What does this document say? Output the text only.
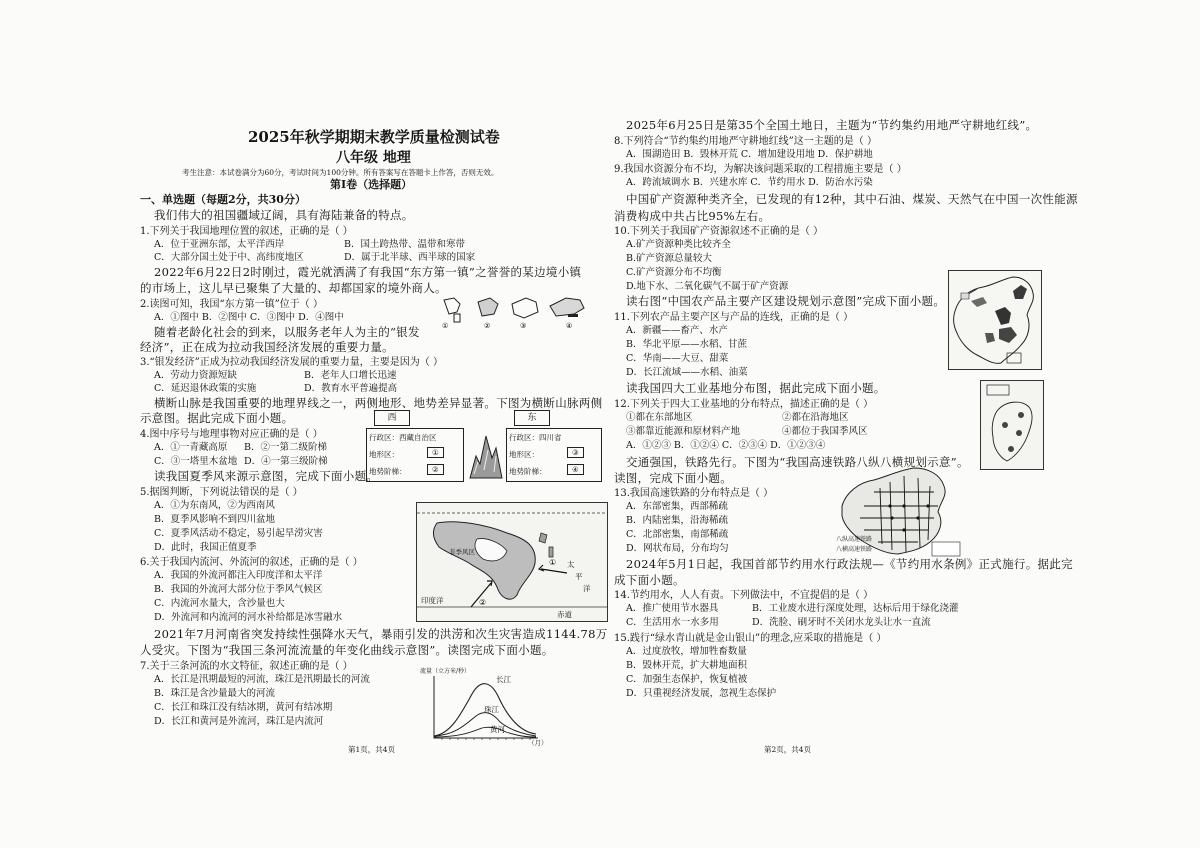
2025年秋学期期末教学质量检测试卷
八年级 地理
考生注意：本试卷满分为60分，考试时间为100分钟。所有答案写在答题卡上作答，否则无效。
第Ⅰ卷（选择题）
一、单选题（每题2分，共30分）
我们伟大的祖国疆域辽阔，具有海陆兼备的特点。
1.下列关于我国地理位置的叙述，正确的是（ ）
A．位于亚洲东部，太平洋西岸	B．国土跨热带、温带和寒带
C．大部分国土处于中、高纬度地区	D．属于北半球、西半球的国家
2022年6月22日2时刚过，霞光就洒满了有我国“东方第一镇”之誉誉的某边境小镇
的市场上，这儿早已聚集了大量的、却都国家的境外商人。
2.读图可知，我国“东方第一镇”位于（ ）
A．①图中 B．②图中 C．③图中 D．④图中
①	②	③	④
随着老龄化社会的到来，以服务老年人为主的“银发
经济”，正在成为拉动我国经济发展的重要力量。
3.“银发经济”正成为拉动我国经济发展的重要力量，主要是因为（ ）
A．劳动力资源短缺	B．老年人口增长迅速
C．延迟退休政策的实施	D．教育水平普遍提高
横断山脉是我国重要的地理界线之一，两侧地形、地势差异显著。下图为横断山脉两侧
示意图。据此完成下面小题。
4.图中序号与地理事物对应正确的是（ ）
A．①一青藏高原 B．②一第二级阶梯
C．③一塔里木盆地 D．④一第三级阶梯
西	东
行政区：西藏自治区
地形区：	①
地势阶梯：	②
行政区：四川省
地形区：	③
地势阶梯：	④
读我国夏季风来源示意图，完成下面小题。
5.据图判断，下列说法错误的是（ ）
A．①为东南风，②为西南风
B．夏季风影响不到四川盆地
C．夏季风活动不稳定，易引起旱涝灾害
D．此时，我国正值夏季
①
②
非季风区
太
平
洋
印度洋
赤道
6.关于我国内流河、外流河的叙述，正确的是（ ）
A．我国的外流河都注入印度洋和太平洋
B．我国的外流河大部分位于季风气候区
C．内流河水量大，含沙量也大
D．外流河和内流河的河水补给都是冰雪融水
2021年7月河南省突发持续性强降水天气，暴雨引发的洪涝和次生灾害造成1144.78万
人受灾。下图为“我国三条河流流量的年变化曲线示意图”。读图完成下面小题。
7.关于三条河流的水文特征，叙述正确的是（ ）
A．长江是汛期最短的河流，珠江是汛期最长的河流
B．珠江是含沙量最大的河流
C．长江和珠江没有结冰期，黄河有结冰期
D．长江和黄河是外流河，珠江是内流河
流量（立方米/秒）
长江
珠江
黄河
（月）
第1页，共4页
2025年6月25日是第35个全国土地日，主题为“节约集约用地严守耕地红线”。
8.下列符合“节约集约用地严守耕地红线”这一主题的是（ ）
A．围湖造田 B．毁林开荒 C．增加建设用地 D．保护耕地
9.我国水资源分布不均，为解决该问题采取的工程措施主要是（ ）
A．跨流域调水 B．兴建水库 C．节约用水 D．防治水污染
中国矿产资源种类齐全，已发现的有12种，其中石油、煤炭、天然气在中国一次性能源
消费构成中共占比95%左右。
10.下列关于我国矿产资源叙述不正确的是（ ）
A.矿产资源种类比较齐全
B.矿产资源总量较大
C.矿产资源分布不均衡
D.地下水、二氧化碳气不属于矿产资源
读右图“中国农产品主要产区建设规划示意图”完成下面小题。
11.下列农产品主要产区与产品的连线，正确的是（ ）
A．新疆——畜产、水产
B．华北平原——水稻、甘蔗
C．华南——大豆、甜菜
D．长江流域——水稻、油菜
读我国四大工业基地分布图，据此完成下面小题。
12.下列关于四大工业基地的分布特点，描述正确的是（ ）
①都在东部地区	②都在沿海地区
③都靠近能源和原材料产地	④都位于我国季风区
A．①②③ B．①②④ C．②③④ D．①②③④
交通强国，铁路先行。下图为“我国高速铁路八纵八横规划示意”。
读图，完成下面小题。
13.我国高速铁路的分布特点是（ ）
A．东部密集，西部稀疏
B．内陆密集，沿海稀疏
C．北部密集，南部稀疏
D．网状布局，分布均匀
八纵高速铁路
八横高速铁路
2024年5月1日起，我国首部节约用水行政法规—《节约用水条例》正式施行。据此完
成下面小题。
14.节约用水，人人有责。下列做法中，不宜提倡的是（ ）
A．推广使用节水器具	B．工业废水进行深度处理，达标后用于绿化浇灌
C．生活用水一水多用	D．洗脸、刷牙时不关闭水龙头让水一直流
15.践行“绿水青山就是金山银山”的理念,应采取的措施是（ ）
A．过度放牧，增加牲畜数量
B．毁林开荒，扩大耕地面积
C．加强生态保护，恢复植被
D．只重视经济发展，忽视生态保护
第2页，共4页
